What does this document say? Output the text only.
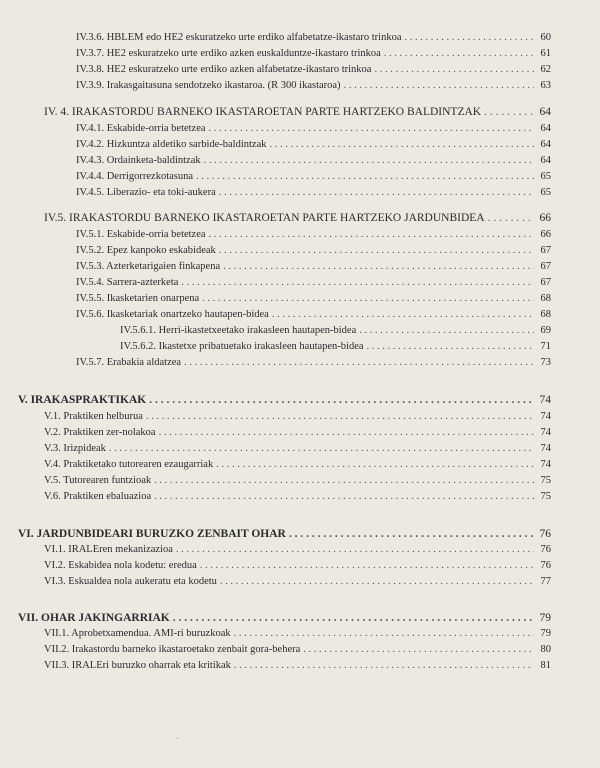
IV.3.6. HBLEM edo HE2 eskuratzeko urte erdiko alfabetatze-ikastaro trinkoa . . .	60
IV.3.7. HE2 eskuratzeko urte erdiko azken euskalduntze-ikastaro trinkoa . . .	61
IV.3.8. HE2 eskuratzeko urte erdiko azken alfabetatze-ikastaro trinkoa . . .	62
IV.3.9. Irakasgaitasuna sendotzeko ikastaroa. (R 300 ikastaroa) . . .	63
IV. 4. IRAKASTORDU BARNEKO IKASTAROETAN PARTE HARTZEKO BALDINTZAK . . .	64
IV.4.1. Eskabide-orria betetzea . . .	64
IV.4.2. Hizkuntza aldetiko sarbide-baldintzak . . .	64
IV.4.3. Ordainketa-baldintzak . . .	64
IV.4.4. Derrigorrezkotasuna . . .	65
IV.4.5. Liberazio- eta toki-aukera . . .	65
IV.5. IRAKASTORDU BARNEKO IKASTAROETAN PARTE HARTZEKO JARDUNBIDEA . . .	66
IV.5.1. Eskabide-orria betetzea . . .	66
IV.5.2. Epez kanpoko eskabideak . . .	67
IV.5.3. Azterketarigaien finkapena . . .	67
IV.5.4. Sarrera-azterketa . . .	67
IV.5.5. Ikasketarien onarpena . . .	68
IV.5.6. Ikasketariak onartzeko hautapen-bidea . . .	68
IV.5.6.1. Herri-ikastetxeetako irakasleen hautapen-bidea . . .	69
IV.5.6.2. Ikastetxe pribatuetako irakasleen hautapen-bidea . . .	71
IV.5.7. Erabakia aldatzea . . .	73
V. IRAKASPRAKTIKAK . . .	74
V.1. Praktiken helburua . . .	74
V.2. Praktiken zer-nolakoa . . .	74
V.3. Irizpideak . . .	74
V.4. Praktiketako tutorearen ezaugarriak . . .	74
V.5. Tutorearen funtzioak . . .	75
V.6. Praktiken ebaluazioa . . .	75
VI. JARDUNBIDEARI BURUZKO ZENBAIT OHAR . . .	76
VI.1. IRALEren mekanizazioa . . .	76
VI.2. Eskabidea nola kodetu: eredua . . .	76
VI.3. Eskualdea nola aukeratu eta kodetu . . .	77
VII. OHAR JAKINGARRIAK . . .	79
VII.1. Aprobetxamendua. AMI-ri buruzkoak . . .	79
VII.2. Irakastordu barneko ikastaroetako zenbait gora-behera . . .	80
VII.3. IRALEri buruzko oharrak eta kritikak . . .	81
ˏ
